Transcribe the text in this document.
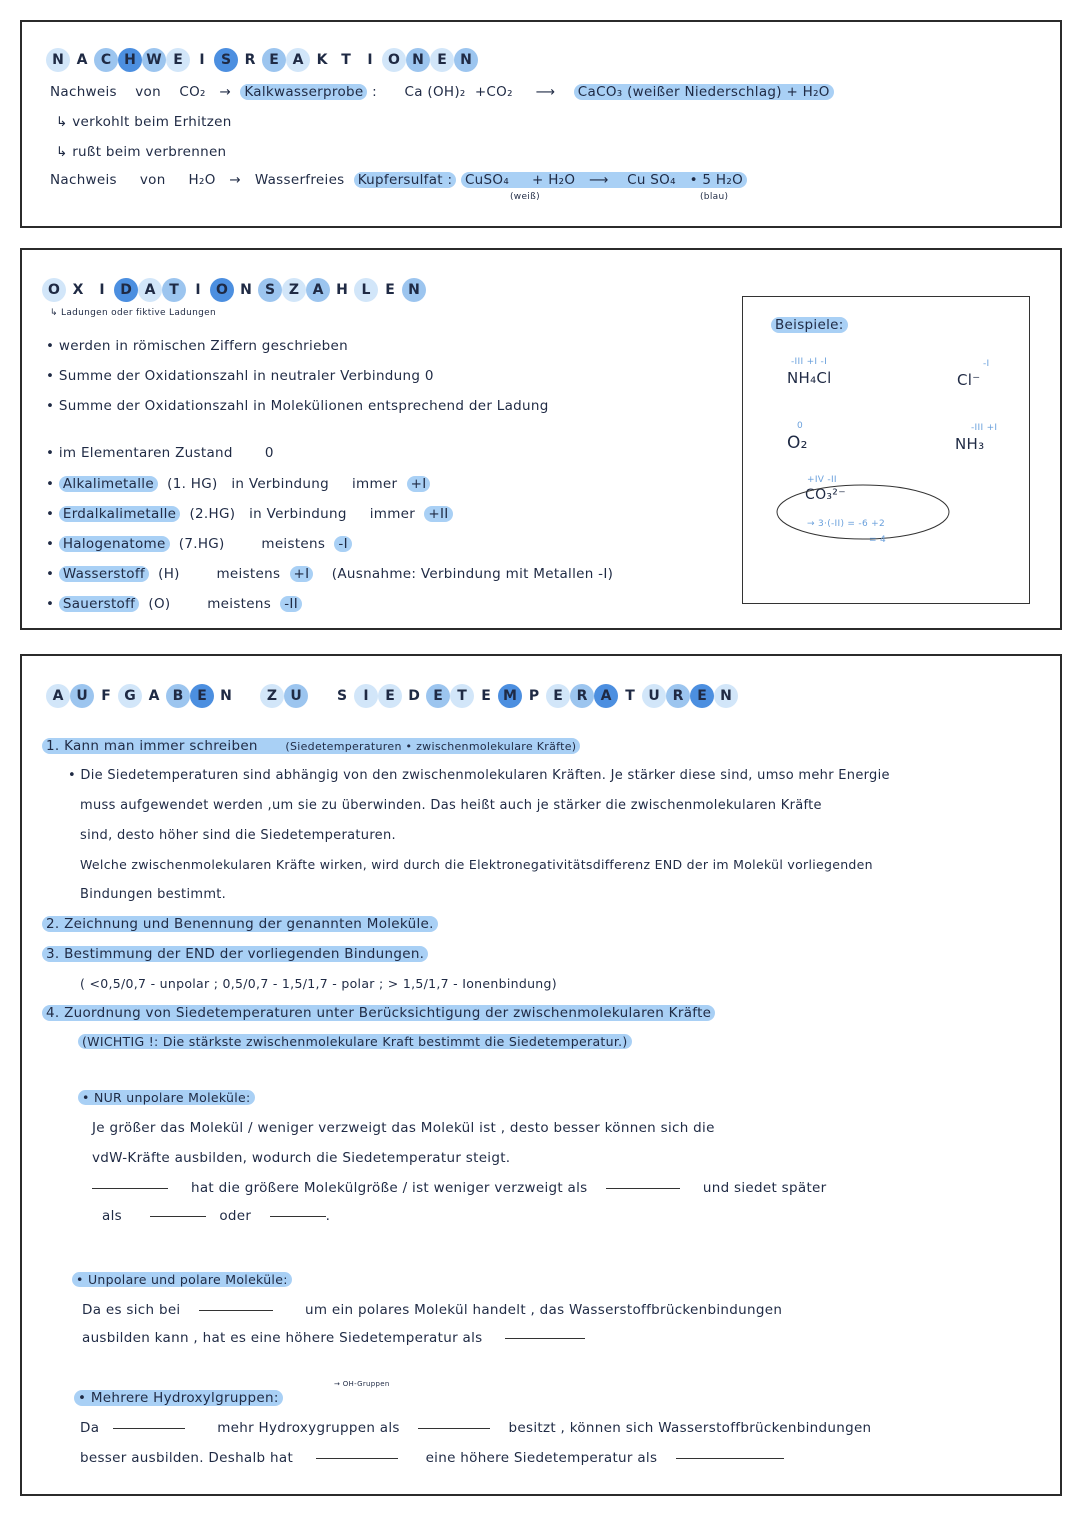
N A C H W E	I	S R E A K T	I	O N E N
Nachweis von CO₂ → Kalkwasserprobe : Ca (OH)₂ +CO₂ ⟶ CaCO₃ (weißer Niederschlag) + H₂O
↳ verkohlt beim Erhitzen
↳ rußt beim verbrennen
Nachweis von H₂O → Wasserfreies Kupfersulfat : CuSO₄ + H₂O ⟶ Cu SO₄ • 5 H₂O
(weiß)	(blau)
O X	I	D A T	I	O N S Z A H L	E N
↳ Ladungen oder fiktive Ladungen
• werden in römischen Ziffern geschrieben
• Summe der Oxidationszahl in neutraler Verbindung 0
• Summe der Oxidationszahl in Molekülionen entsprechend der Ladung
• im Elementaren Zustand 0
• Alkalimetalle (1. HG) in Verbindung immer +I
• Erdalkalimetalle (2.HG) in Verbindung immer +II
• Halogenatome (7.HG)	meistens -I
• Wasserstoff (H)	meistens +I (Ausnahme: Verbindung mit Metallen -I)
• Sauerstoff (O)	meistens -II
Beispiele:
-III +I -I
NH₄Cl
-I
Cl⁻
0
O₂
-III +I
NH₃
+IV -II
CO₃²⁻
→ 3·(-II) = -6 +2
= 4
A U F G A B E N	Z U	S	I	E D E	T	E M P	E R A T U R E N
1. Kann man immer schreiben	(Siedetemperaturen • zwischenmolekulare Kräfte)
• Die Siedetemperaturen sind abhängig von den zwischenmolekularen Kräften. Je stärker diese sind, umso mehr Energie
muss aufgewendet werden ,um sie zu überwinden. Das heißt auch je stärker die zwischenmolekularen Kräfte
sind, desto höher sind die Siedetemperaturen.
Welche zwischenmolekularen Kräfte wirken, wird durch die Elektronegativitätsdifferenz END der im Molekül vorliegenden
Bindungen bestimmt.
2. Zeichnung und Benennung der genannten Moleküle.
3. Bestimmung der END der vorliegenden Bindungen.
( <0,5/0,7 - unpolar ; 0,5/0,7 - 1,5/1,7 - polar ; > 1,5/1,7 - Ionenbindung)
4. Zuordnung von Siedetemperaturen unter Berücksichtigung der zwischenmolekularen Kräfte
(WICHTIG !: Die stärkste zwischenmolekulare Kraft bestimmt die Siedetemperatur.)
• NUR unpolare Moleküle:
Je größer das Molekül / weniger verzweigt das Molekül ist , desto besser können sich die
vdW-Kräfte ausbilden, wodurch die Siedetemperatur steigt.
hat die größere Molekülgröße / ist weniger verzweigt als	und siedet später
als	oder	.
• Unpolare und polare Moleküle:
Da es sich bei	um ein polares Molekül handelt , das Wasserstoffbrückenbindungen
ausbilden kann , hat es eine höhere Siedetemperatur als
→ OH-Gruppen
• Mehrere Hydroxylgruppen:
Da	mehr Hydroxygruppen als	besitzt , können sich Wasserstoffbrückenbindungen
besser ausbilden. Deshalb hat	eine höhere Siedetemperatur als
